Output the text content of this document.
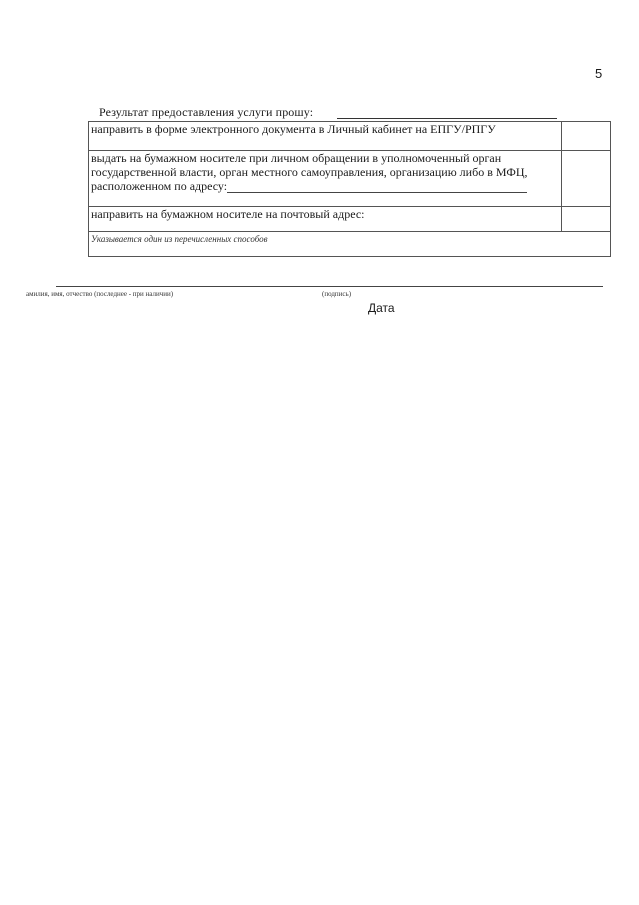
5
Результат предоставления услуги прошу:
направить в форме электронного документа в Личный кабинет на ЕПГУ/РПГУ	
выдать на бумажном носителе при личном обращении в уполномоченный орган государственной власти, орган местного самоуправления, организацию либо в МФЦ, расположенном по адресу:	
направить на бумажном носителе на почтовый адрес:	
Указывается один из перечисленных способов	
амилия, имя, отчество (последнее - при наличии)	(подпись)
Дата
